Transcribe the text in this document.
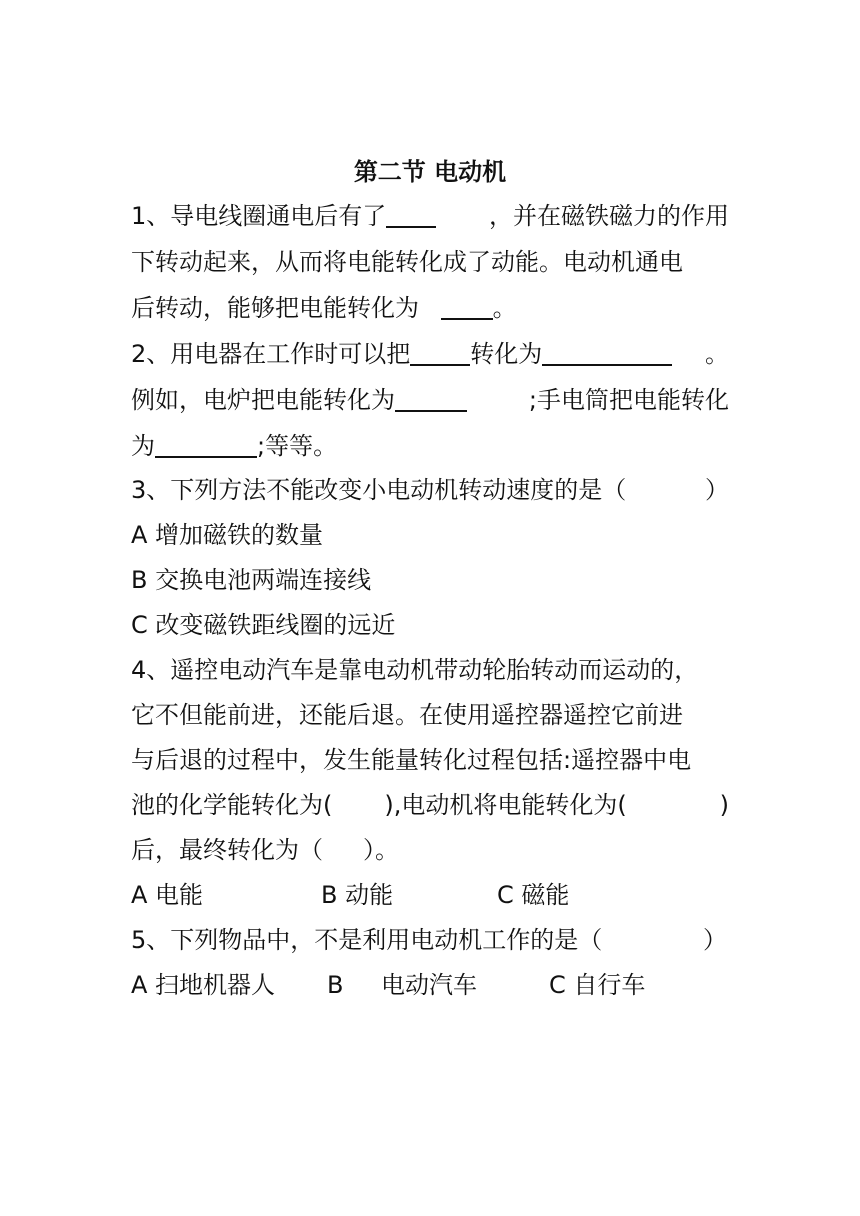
第二节 电动机
1、导电线圈通电后有了	，并在磁铁磁力的作用
下转动起来，从而将电能转化成了动能。电动机通电
后转动，能够把电能转化为	。
2、用电器在工作时可以把	转化为	。
例如，电炉把电能转化为	;手电筒把电能转化
为	;等等。
3、下列方法不能改变小电动机转动速度的是（	）
A 增加磁铁的数量
B 交换电池两端连接线
C 改变磁铁距线圈的远近
4、遥控电动汽车是靠电动机带动轮胎转动而运动的，
它不但能前进，还能后退。在使用遥控器遥控它前进
与后退的过程中，发生能量转化过程包括:遥控器中电
池的化学能转化为( ),电动机将电能转化为(	)
后，最终转化为（ ）。
A 电能	B 动能	C 磁能
5、下列物品中，不是利用电动机工作的是（	）
A 扫地机器人 B 电动汽车	C 自行车
